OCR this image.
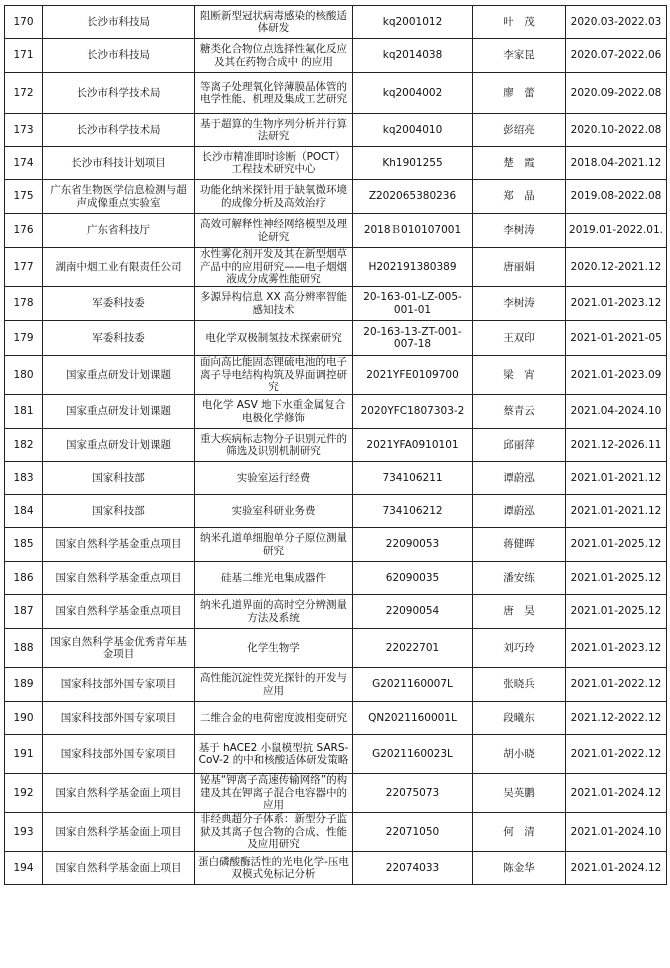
170	长沙市科技局	阻断新型冠状病毒感染的核酸适体研发	kq2001012	叶　茂	2020.03-2022.03
171	长沙市科技局	糖类化合物位点选择性氟化反应及其在药物合成中 的应用	kq2014038	李家昆	2020.07-2022.06
172	长沙市科学技术局	等离子处理氧化锌薄膜晶体管的电学性能、机理及集成工艺研究	kq2004002	廖　蕾	2020.09-2022.08
173	长沙市科学技术局	基于超算的生物序列分析并行算法研究	kq2004010	彭绍亮	2020.10-2022.08
174	长沙市科技计划项目	长沙市精准即时诊断（POCT）工程技术研究中心	Kh1901255	楚　霞	2018.04-2021.12
175	广东省生物医学信息检测与超声成像重点实验室	功能化纳米探针用于缺氧微环境的成像分析及高效治疗	Z202065380236	郑　晶	2019.08-2022.08
176	广东省科技厅	高效可解释性神经网络模型及理论研究	2018Ｂ010107001	李树涛	2019.01-2022.01.
177	湖南中烟工业有限责任公司	水性雾化剂开发及其在新型烟草产品中的应用研究——电子烟烟液成分成雾性能研究	H202191380389	唐丽娟	2020.12-2021.12
178	军委科技委	多源异构信息 XX 高分辨率智能感知技术	20-163-01-LZ-005-001-01	李树涛	2021.01-2023.12
179	军委科技委	电化学双极制氢技术探索研究	20-163-13-ZT-001-007-18	王双印	2021-01-2021-05
180	国家重点研发计划课题	面向高比能固态锂硫电池的电子离子导电结构构筑及界面调控研究	2021YFE0109700	梁　宵	2021.01-2023.09
181	国家重点研发计划课题	电化学 ASV 地下水重金属复合电极化学修饰	2020YFC1807303-2	蔡青云	2021.04-2024.10
182	国家重点研发计划课题	重大疾病标志物分子识别元件的筛选及识别机制研究	2021YFA0910101	邱丽萍	2021.12-2026.11
183	国家科技部	实验室运行经费	734106211	谭蔚泓	2021.01-2021.12
184	国家科技部	实验室科研业务费	734106212	谭蔚泓	2021.01-2021.12
185	国家自然科学基金重点项目	纳米孔道单细胞单分子原位测量研究	22090053	蒋健晖	2021.01-2025.12
186	国家自然科学基金重点项目	硅基二维光电集成器件	62090035	潘安练	2021.01-2025.12
187	国家自然科学基金重点项目	纳米孔道界面的高时空分辨测量方法及系统	22090054	唐　昊	2021.01-2025.12
188	国家自然科学基金优秀青年基金项目	化学生物学	22022701	刘巧玲	2021.01-2023.12
189	国家科技部外国专家项目	高性能沉淀性荧光探针的开发与应用	G2021160007L	张晓兵	2021.01-2022.12
190	国家科技部外国专家项目	二维合金的电荷密度波相变研究	QN2021160001L	段曦东	2021.12-2022.12
191	国家科技部外国专家项目	基于 hACE2 小鼠模型抗 SARS-CoV-2 的中和核酸适体研发策略	G2021160023L	胡小晓	2021.01-2022.12
192	国家自然科学基金面上项目	铋基“钾离子高速传输网络”的构建及其在钾离子混合电容器中的应用	22075073	吴英鹏	2021.01-2024.12
193	国家自然科学基金面上项目	非经典超分子体系：新型分子监狱及其离子包合物的合成、性能及应用研究	22071050	何　清	2021.01-2024.10
194	国家自然科学基金面上项目	蛋白磷酸酶活性的光电化学-压电双模式免标记分析	22074033	陈金华	2021.01-2024.12
